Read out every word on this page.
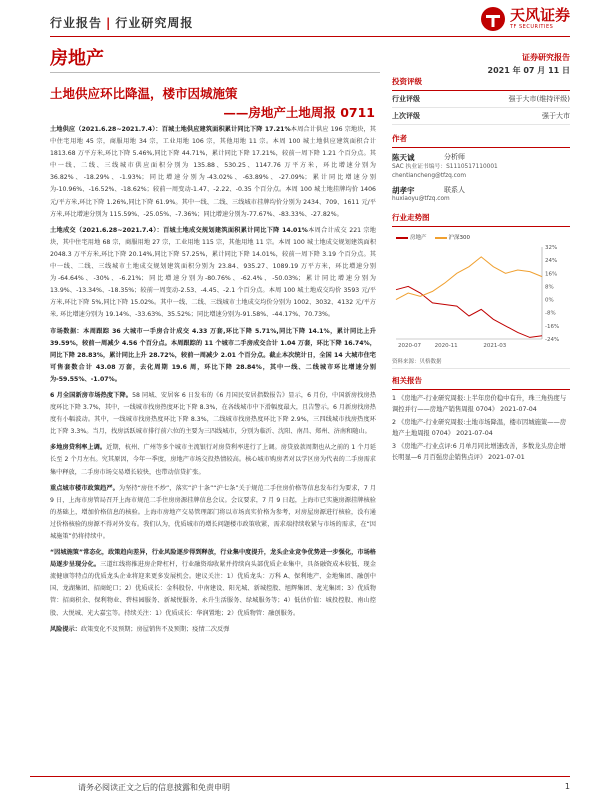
行业报告 | 行业研究周报	天风证券
TF SECURITIES
房地产	证券研究报告
2021 年 07 月 11 日
土地供应环比降温，楼市因城施策
——房地产土地周报 0711

土地供应（2021.6.28~2021.7.4）：百城土地供应建筑面积累计同比下降 17.21%本周合计供应 196 宗地块，其中住宅用地 45 宗，商服用地 34 宗，工业用地 106 宗，其他用地 11 宗。本周 100 城土地供应建筑面积合计 1813.68 万平方米,环比下降 5.46%,同比下降 44.71%，累计同比下降 17.21%，较前一周下降 1.21 个百分点。其中一线、二线、三线城市供应面积分别为 135.88、530.25、1147.76 万平方米，环比增速分别为 36.82%、-18.29%、-1.93%；同比增速分别为-43.02%、-63.89%、-27.09%；累计同比增速分别为-10.96%、-16.52%、-18.62%；较前一周变动-1.47、-2.22、-0.35 个百分点。本周 100 城土地挂牌均价 1406 元/平方米,环比下降 1.26%,同比下降 61.9%。其中一线、二线、三线城市挂牌均价分别为 2434、709、1611 元/平方米,环比增速分别为 115.59%、-25.05%、-7.36%；同比增速分别为-77.67%、-83.33%、-27.82%。

土地成交（2021.6.28~2021.7.4）：百城土地成交规划建筑面积累计同比下降 14.01%本周合计成交 221 宗地块，其中住宅用地 68 宗，商服用地 27 宗，工业用地 115 宗，其他用地 11 宗。本周 100 城土地成交规划建筑面积 2048.3 万平方米,环比下降 20.14%,同比下降 57.25%，累计同比下降 14.01%，较前一周下降 3.19 个百分点。其中一线、二线、三线城市土地成交规划建筑面积分别为 23.84、935.27、1089.19 万平方米，环比增速分别为-64.64%、-30%、-6.21%；同比增速分别为-80.76%、-62.4%、-50.03%；累计同比增速分别为 13.9%、-13.34%、-18.35%；较前一周变动-2.53、-4.45、-2.1 个百分点。本周 100 城土地成交均价 3593 元/平方米,环比下降 5%,同比下降 15.02%。其中一线、二线、三线城市土地成交均价分别为 1002、3032、4132 元/平方米, 环比增速分别为 19.14%、-33.63%、35.52%；同比增速分别为-91.58%、-44.17%、70.73%。

市场数据：本周跟踪 36 大城市一手房合计成交 4.33 万套,环比下降 5.71%,同比下降 14.1%，累计同比上升 39.59%，较前一周减少 4.56 个百分点。本周跟踪的 11 个城市二手房成交合计 1.04 万套，环比下降 16.74%，同比下降 28.83%，累计同比上升 28.72%，较前一周减少 2.01 个百分点。截止本次统计日，全国 14 大城市住宅可售套数合计 43.08 万套，去化周期 19.6 周，环比下降 28.84%，其中一线、二线城市环比增速分别为-59.55%、-1.07%。

6 月全国新房市场热度下降。58 同城、安居客 6 日发布的《6 月国民安居指数报告》显示，6 月份，中国新房找房热度环比下降 3.7%，其中，一线城市找房热度环比下降 8.3%，在各线城市中下滑幅度最大，且告警示。6 月新房找房热度有小幅波动。其中，一线城市找房热度环比下降 8.3%，二线城市找房热度环比下降 2.9%，三四线城市找房热度环比下降 3.3%。当月，找房活跃城市排行前六位的主要为三四线城市，分别为临沂、沈阳、南昌、郑州、济南和随山。

多地房贷利率上调。近期，杭州、广州等多个城市主流银行对房贷利率进行了上调。房贷放款周期也从之前的 1 个月延长至 2 个月左右。究其原因，今年一季度，房地产市场交投热情较高。核心城市购房者对以学区房为代表的二手房需求集中释放，二手房市场交易增长较快，也带动信贷扩张。

重点城市楼市政策趋严。为坚持“房住不炒”，落实“沪十条”“沪七条”关于规范二手住房价格等信息发布行为要求，7 月 9 日，上海市房管局召开上海市规范二手住房房源挂牌信息会议。会议要求，7 月 9 日起，上海市已实施房源挂牌核验的基础上，增加价格信息的核验。上海市房地产交易管理部门将以市场真实价格为参考，对房屋房源进行核验，没有通过价格核验的房源不得对外发布。我们认为，优质城市的增长问题楼市政策收紧，需求端持续收紧与市场的需求，在“因城施策”仍将持续中。

“因城施策”常态化，政策趋向差异，行业风险逐步得到释放，行业集中度提升，龙头企业竞争优势进一步强化，市场格局逐步呈现分化。三道红线将推进房企降杠杆，行业融资端收紧并持续向头部优质企业集中，具备融资成本较低、现金流健康等特点的优质龙头企业将迎来更多发展机会。建议关注：1）优质龙头：万科 A、保利地产、金地集团、融创中国、龙湖集团、招商蛇口；2）优质成长：金科股份、中南建设、阳光城、新城控股、旭辉集团、龙光集团；3）优质物管：招商积余、保利物业、碧桂园服务、新城悦服务、永升生活服务、绿城服务等；4）低估价值：城投控股、南山控股、大悦城、光大嘉宝等。持续关注：1）优质成长：华润置地；2）优质物管：融创服务。

风险提示：政策变化不及预期；房屋销售不及预期；疫情二次反弹

投资评级
行业评级	强于大市(维持评级)
上次评级	强于大市
作者
陈天诚	分析师
SAC 执业证书编号：S1110517110001
chentiancheng@tfzq.com
胡孝宇	联系人
huxiaoyu@tfzq.com
行业走势图
房地产	沪深300
32%
24%
16%
8%
0%
-8%
-16%
-24%
2020-07 2020-11	2021-03
资料来源：贝格数据
相关报告
1 《房地产-行业研究周报:上半年房价稳中有升，珠三角热度与调控并行——房地产销售周报 0704》 2021-07-04
2 《房地产-行业研究周报:土地市场降温，楼市因城施策——房地产土地周报 0704》 2021-07-04
3 《房地产-行业点评:6 月单月同比增速改善，多数龙头房企增长明显—6 月百强房企销售点评》 2021-07-01
请务必阅读正文之后的信息披露和免责申明	1
